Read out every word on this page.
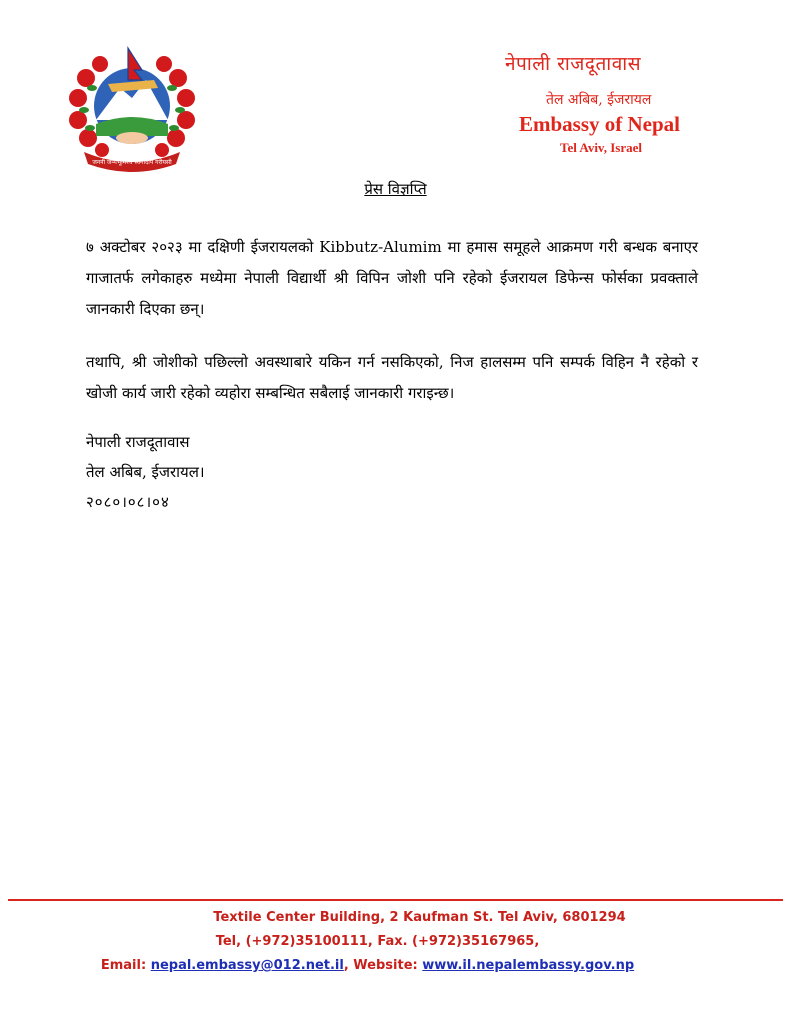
जननी जन्मभूमिश्च स्वर्गादपि गरीयसी
नेपाली राजदूतावास
तेल अबिब, ईजरायल
Embassy of Nepal
Tel Aviv, Israel
प्रेस विज्ञप्ति
७ अक्टोबर २०२३ मा दक्षिणी ईजरायलको Kibbutz-Alumim मा हमास समूहले आक्रमण गरी बन्धक बनाएर गाजातर्फ लगेकाहरु मध्येमा नेपाली विद्यार्थी श्री विपिन जोशी पनि रहेको ईजरायल डिफेन्स फोर्सका प्रवक्ताले जानकारी दिएका छन्।
तथापि, श्री जोशीको पछिल्लो अवस्थाबारे यकिन गर्न नसकिएको, निज हालसम्म पनि सम्पर्क विहिन नै रहेको र खोजी कार्य जारी रहेको व्यहोरा सम्बन्धित सबैलाई जानकारी गराइन्छ।
नेपाली राजदूतावास
तेल अबिब, ईजरायल।
२०८०।०८।०४
Textile Center Building, 2 Kaufman St. Tel Aviv, 6801294
Tel, (+972)35100111, Fax. (+972)35167965,
Email: nepal.embassy@012.net.il, Website: www.il.nepalembassy.gov.np
